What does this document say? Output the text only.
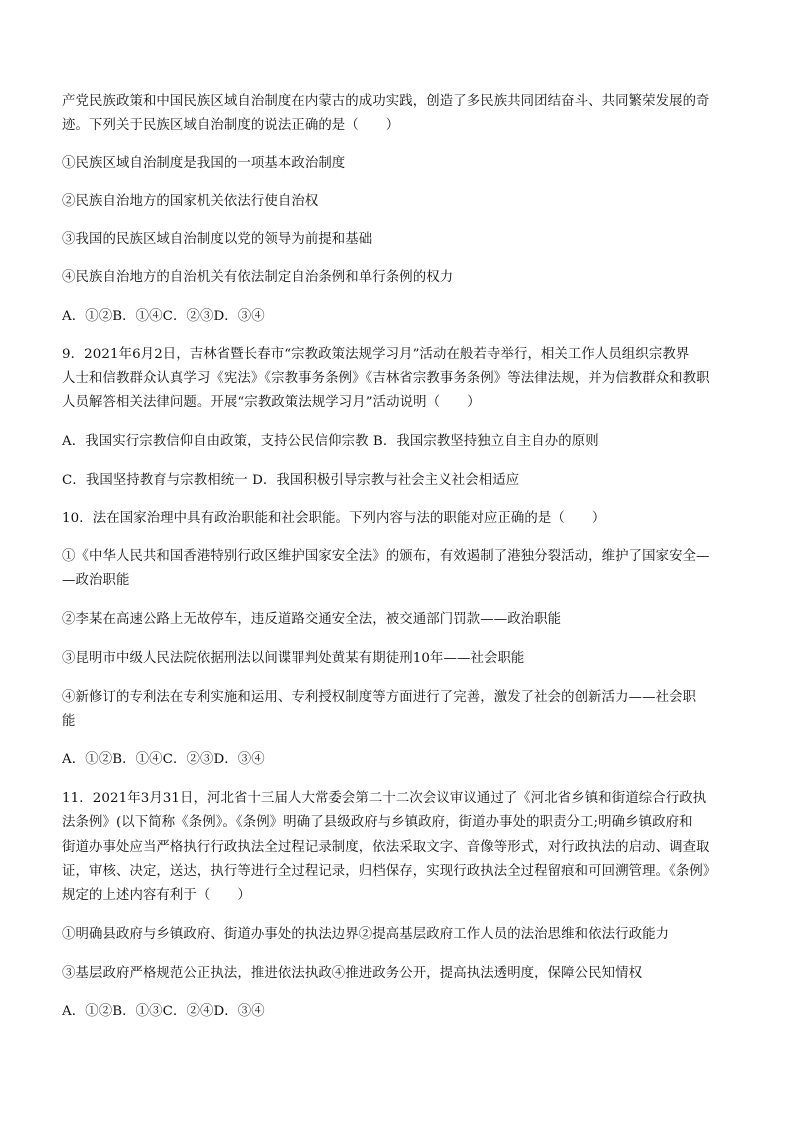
产党民族政策和中国民族区域自治制度在内蒙古的成功实践，创造了多民族共同团结奋斗、共同繁荣发展的奇
迹。下列关于民族区域自治制度的说法正确的是（　　）
①民族区域自治制度是我国的一项基本政治制度
②民族自治地方的国家机关依法行使自治权
③我国的民族区域自治制度以党的领导为前提和基础
④民族自治地方的自治机关有依法制定自治条例和单行条例的权力
A．①②B．①④C．②③D．③④
9．2021年6月2日，吉林省暨长春市“宗教政策法规学习月”活动在般若寺举行，相关工作人员组织宗教界
人士和信教群众认真学习《宪法》《宗教事务条例》《吉林省宗教事务条例》等法律法规，并为信教群众和教职
人员解答相关法律问题。开展“宗教政策法规学习月”活动说明（　　）
A．我国实行宗教信仰自由政策，支持公民信仰宗教 B．我国宗教坚持独立自主自办的原则
C．我国坚持教育与宗教相统一 D．我国积极引导宗教与社会主义社会相适应
10．法在国家治理中具有政治职能和社会职能。下列内容与法的职能对应正确的是（　　）
①《中华人民共和国香港特别行政区维护国家安全法》的颁布，有效遏制了港独分裂活动，维护了国家安全—
—政治职能
②李某在高速公路上无故停车，违反道路交通安全法，被交通部门罚款——政治职能
③昆明市中级人民法院依据刑法以间谍罪判处黄某有期徒刑10年——社会职能
④新修订的专利法在专利实施和运用、专利授权制度等方面进行了完善，激发了社会的创新活力——社会职
能
A．①②B．①④C．②③D．③④
11．2021年3月31日，河北省十三届人大常委会第二十二次会议审议通过了《河北省乡镇和街道综合行政执
法条例》(以下简称《条例》。《条例》明确了县级政府与乡镇政府，街道办事处的职责分工;明确乡镇政府和
街道办事处应当严格执行行政执法全过程记录制度，依法采取文字、音像等形式，对行政执法的启动、调查取
证，审核、决定，送达，执行等进行全过程记录，归档保存，实现行政执法全过程留痕和可回溯管理。《条例》
规定的上述内容有利于（　　）
①明确县政府与乡镇政府、街道办事处的执法边界②提高基层政府工作人员的法治思维和依法行政能力
③基层政府严格规范公正执法，推进依法执政④推进政务公开，提高执法透明度，保障公民知情权
A．①②B．①③C．②④D．③④
